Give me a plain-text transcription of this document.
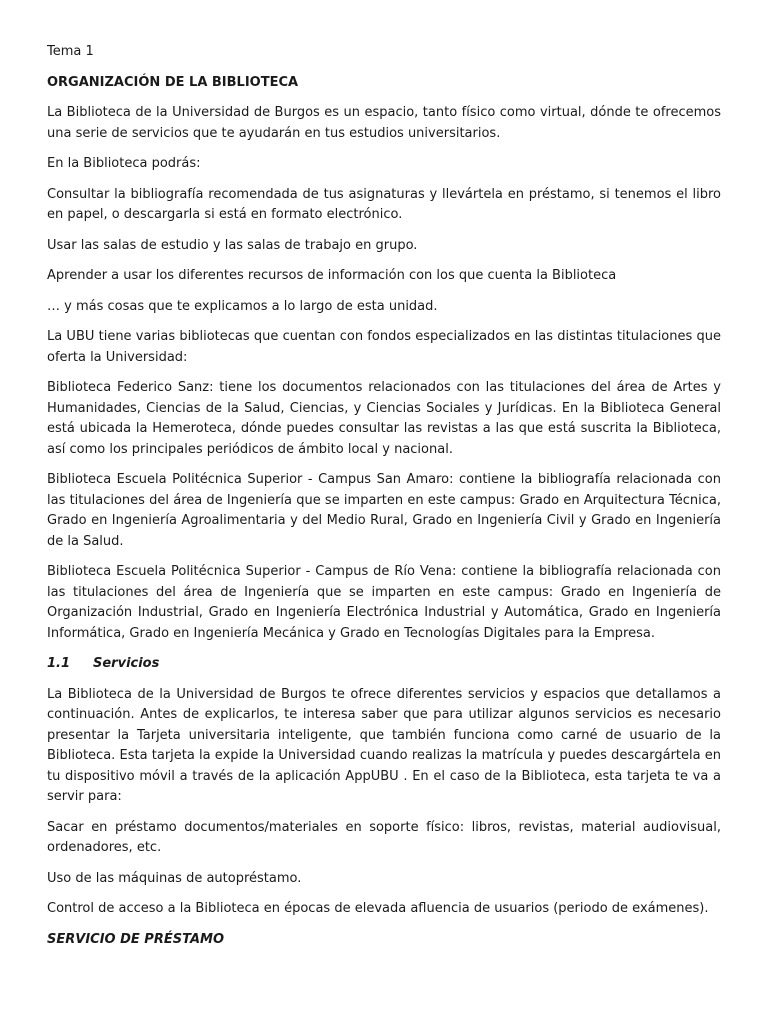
Tema 1

ORGANIZACIÓN DE LA BIBLIOTECA

La Biblioteca de la Universidad de Burgos es un espacio, tanto físico como virtual, dónde te ofrecemos una serie de servicios que te ayudarán en tus estudios universitarios.

En la Biblioteca podrás:

Consultar la bibliografía recomendada de tus asignaturas y llevártela en préstamo, si tenemos el libro en papel, o descargarla si está en formato electrónico.

Usar las salas de estudio y las salas de trabajo en grupo.

Aprender a usar los diferentes recursos de información con los que cuenta la Biblioteca

… y más cosas que te explicamos a lo largo de esta unidad.

La UBU tiene varias bibliotecas que cuentan con fondos especializados en las distintas titulaciones que oferta la Universidad:

Biblioteca Federico Sanz: tiene los documentos relacionados con las titulaciones del área de Artes y Humanidades, Ciencias de la Salud, Ciencias, y Ciencias Sociales y Jurídicas. En la Biblioteca General está ubicada la Hemeroteca, dónde puedes consultar las revistas a las que está suscrita la Biblioteca, así como los principales periódicos de ámbito local y nacional.

Biblioteca Escuela Politécnica Superior - Campus San Amaro: contiene la bibliografía relacionada con las titulaciones del área de Ingeniería que se imparten en este campus: Grado en Arquitectura Técnica, Grado en Ingeniería Agroalimentaria y del Medio Rural, Grado en Ingeniería Civil y Grado en Ingeniería de la Salud.

Biblioteca Escuela Politécnica Superior - Campus de Río Vena: contiene la bibliografía relacionada con las titulaciones del área de Ingeniería que se imparten en este campus: Grado en Ingeniería de Organización Industrial, Grado en Ingeniería Electrónica Industrial y Automática, Grado en Ingeniería Informática, Grado en Ingeniería Mecánica y Grado en Tecnologías Digitales para la Empresa.

1.1	Servicios

La Biblioteca de la Universidad de Burgos te ofrece diferentes servicios y espacios que detallamos a continuación. Antes de explicarlos, te interesa saber que para utilizar algunos servicios es necesario presentar la Tarjeta universitaria inteligente, que también funciona como carné de usuario de la Biblioteca. Esta tarjeta la expide la Universidad cuando realizas la matrícula y puedes descargártela en tu dispositivo móvil a través de la aplicación AppUBU . En el caso de la Biblioteca, esta tarjeta te va a servir para:

Sacar en préstamo documentos/materiales en soporte físico: libros, revistas, material audiovisual, ordenadores, etc.

Uso de las máquinas de autopréstamo.

Control de acceso a la Biblioteca en épocas de elevada afluencia de usuarios (periodo de exámenes).

SERVICIO DE PRÉSTAMO
